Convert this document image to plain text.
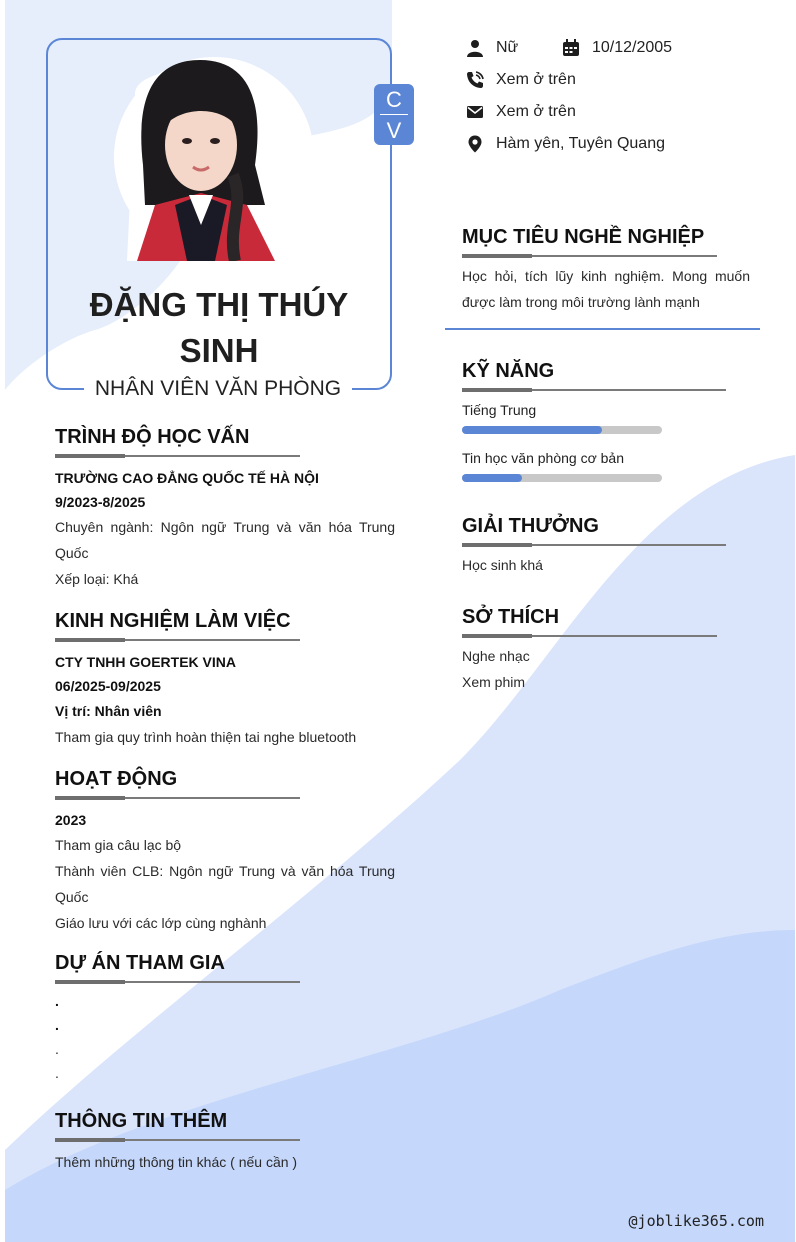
C
V
ĐẶNG THỊ THÚY
SINH
NHÂN VIÊN VĂN PHÒNG
Nữ	10/12/2005
Xem ở trên
Xem ở trên
Hàm yên, Tuyên Quang
TRÌNH ĐỘ HỌC VẤN
TRƯỜNG CAO ĐẲNG QUỐC TẾ HÀ NỘI
9/2023-8/2025
Chuyên ngành: Ngôn ngữ Trung và văn hóa Trung Quốc
Xếp loại: Khá
KINH NGHIỆM LÀM VIỆC
CTY TNHH GOERTEK VINA
06/2025-09/2025
Vị trí: Nhân viên
Tham gia quy trình hoàn thiện tai nghe bluetooth
HOẠT ĐỘNG
2023
Tham gia câu lạc bộ
Thành viên CLB: Ngôn ngữ Trung và văn hóa Trung Quốc
Giáo lưu với các lớp cùng nghành
DỰ ÁN THAM GIA
.
.
.
.
THÔNG TIN THÊM
Thêm những thông tin khác ( nếu cần )
MỤC TIÊU NGHỀ NGHIỆP
Học hỏi, tích lũy kinh nghiệm. Mong muốn được làm trong môi trường lành mạnh
KỸ NĂNG
Tiếng Trung
Tin học văn phòng cơ bản
GIẢI THƯỞNG
Học sinh khá
SỞ THÍCH
Nghe nhạc
Xem phim
@joblike365.com
